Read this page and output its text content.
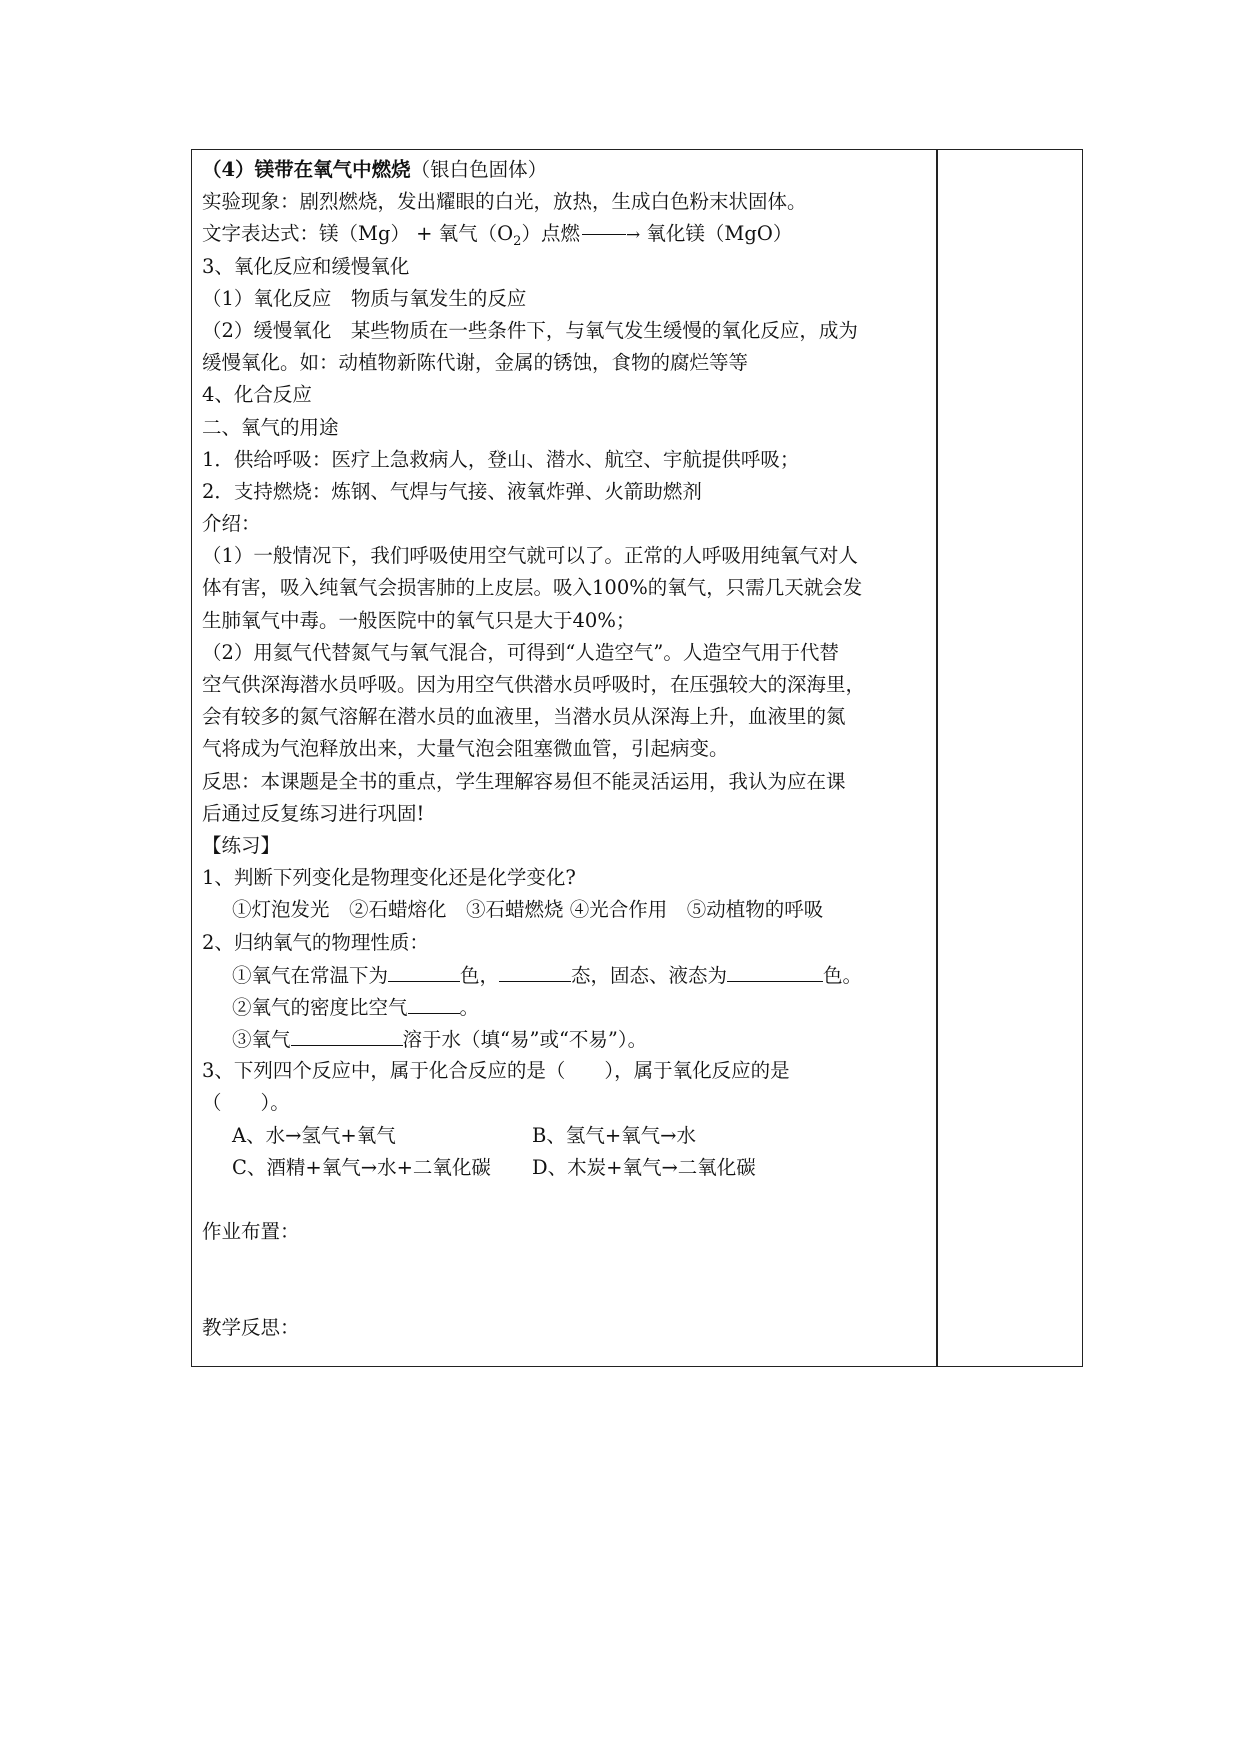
（4）镁带在氧气中燃烧（银白色固体）
实验现象：剧烈燃烧，发出耀眼的白光，放热，生成白色粉末状固体。
文字表达式：镁（Mg） + 氧气$(O_2)$点燃	→ 氧化镁（MgO）
3、氧化反应和缓慢氧化
（1）氧化反应　物质与氧发生的反应
（2）缓慢氧化　某些物质在一些条件下，与氧气发生缓慢的氧化反应，成为
缓慢氧化。如：动植物新陈代谢，金属的锈蚀，食物的腐烂等等
4、化合反应
二、氧气的用途
1．供给呼吸：医疗上急救病人，登山、潜水、航空、宇航提供呼吸；
2．支持燃烧：炼钢、气焊与气接、液氧炸弹、火箭助燃剂
介绍：
（1）一般情况下，我们呼吸使用空气就可以了。正常的人呼吸用纯氧气对人
体有害，吸入纯氧气会损害肺的上皮层。吸入100%的氧气，只需几天就会发
生肺氧气中毒。一般医院中的氧气只是大于40%；
（2）用氦气代替氮气与氧气混合，可得到“人造空气”。人造空气用于代替
空气供深海潜水员呼吸。因为用空气供潜水员呼吸时，在压强较大的深海里，
会有较多的氮气溶解在潜水员的血液里，当潜水员从深海上升，血液里的氮
气将成为气泡释放出来，大量气泡会阻塞微血管，引起病变。
反思：本课题是全书的重点，学生理解容易但不能灵活运用，我认为应在课
后通过反复练习进行巩固!
【练习】
1、判断下列变化是物理变化还是化学变化?
①灯泡发光　②石蜡熔化　③石蜡燃烧 ④光合作用　⑤动植物的呼吸
2、归纳氧气的物理性质：
①氧气在常温下为	色，	态，固态、液态为	色。
②氧气的密度比空气	。
③氧气	溶于水（填“易”或“不易”）。
3、下列四个反应中，属于化合反应的是（　　），属于氧化反应的是
（　　）。
A、水→氢气+氧气	B、氢气+氧气→水
C、酒精+氧气→水+二氧化碳 D、木炭+氧气→二氧化碳
作业布置：
教学反思：
